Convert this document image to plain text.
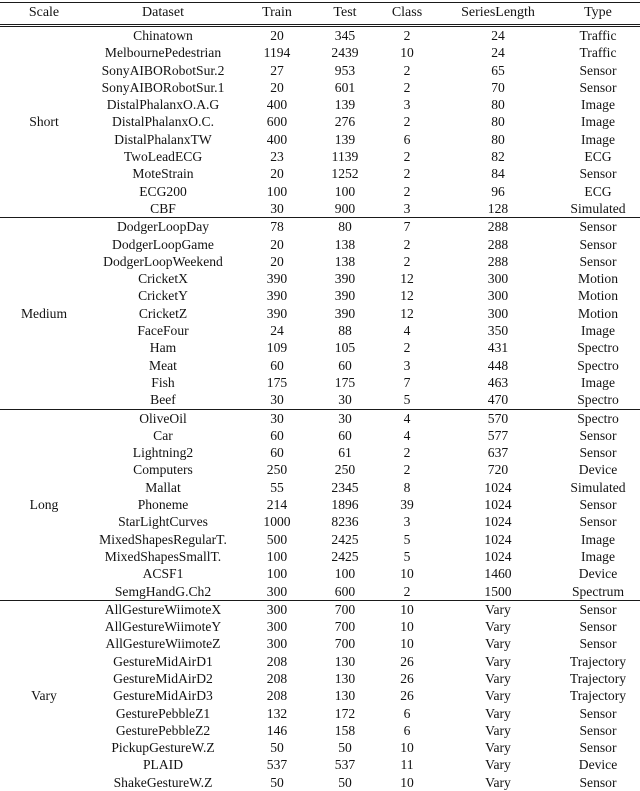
Scale	Dataset	Train	Test	Class	SeriesLength	Type
Short	Chinatown	20	345	2	24	Traffic
	MelbournePedestrian	1194	2439	10	24	Traffic
	SonyAIBORobotSur.2	27	953	2	65	Sensor
	SonyAIBORobotSur.1	20	601	2	70	Sensor
	DistalPhalanxO.A.G	400	139	3	80	Image
	DistalPhalanxO.C.	600	276	2	80	Image
	DistalPhalanxTW	400	139	6	80	Image
	TwoLeadECG	23	1139	2	82	ECG
	MoteStrain	20	1252	2	84	Sensor
	ECG200	100	100	2	96	ECG
	CBF	30	900	3	128	Simulated
Medium	DodgerLoopDay	78	80	7	288	Sensor
	DodgerLoopGame	20	138	2	288	Sensor
	DodgerLoopWeekend	20	138	2	288	Sensor
	CricketX	390	390	12	300	Motion
	CricketY	390	390	12	300	Motion
	CricketZ	390	390	12	300	Motion
	FaceFour	24	88	4	350	Image
	Ham	109	105	2	431	Spectro
	Meat	60	60	3	448	Spectro
	Fish	175	175	7	463	Image
	Beef	30	30	5	470	Spectro
Long	OliveOil	30	30	4	570	Spectro
	Car	60	60	4	577	Sensor
	Lightning2	60	61	2	637	Sensor
	Computers	250	250	2	720	Device
	Mallat	55	2345	8	1024	Simulated
	Phoneme	214	1896	39	1024	Sensor
	StarLightCurves	1000	8236	3	1024	Sensor
	MixedShapesRegularT.	500	2425	5	1024	Image
	MixedShapesSmallT.	100	2425	5	1024	Image
	ACSF1	100	100	10	1460	Device
	SemgHandG.Ch2	300	600	2	1500	Spectrum
Vary	AllGestureWiimoteX	300	700	10	Vary	Sensor
	AllGestureWiimoteY	300	700	10	Vary	Sensor
	AllGestureWiimoteZ	300	700	10	Vary	Sensor
	GestureMidAirD1	208	130	26	Vary	Trajectory
	GestureMidAirD2	208	130	26	Vary	Trajectory
	GestureMidAirD3	208	130	26	Vary	Trajectory
	GesturePebbleZ1	132	172	6	Vary	Sensor
	GesturePebbleZ2	146	158	6	Vary	Sensor
	PickupGestureW.Z	50	50	10	Vary	Sensor
	PLAID	537	537	11	Vary	Device
	ShakeGestureW.Z	50	50	10	Vary	Sensor
